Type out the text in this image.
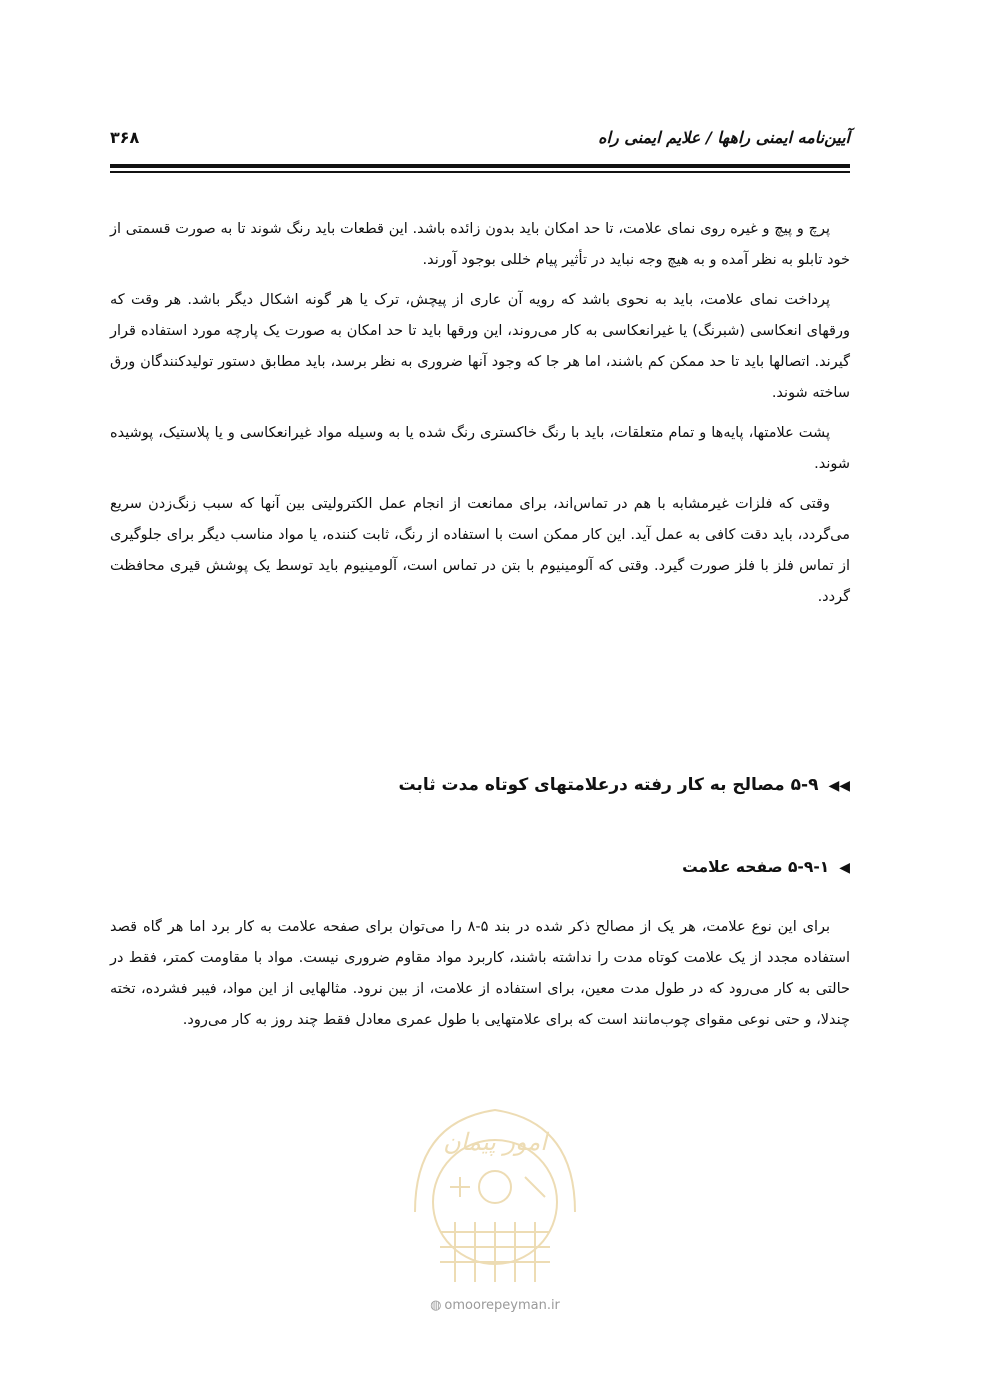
آیین‌نامه ایمنی راهها / علایم ایمنی راه
۳۶۸

پرچ و پیچ و غیره روی نمای علامت، تا حد امکان باید بدون زائده باشد. این قطعات باید رنگ شوند تا به صورت قسمتی از خود تابلو به نظر آمده و به هیچ وجه نباید در تأثیر پیام خللی بوجود آورند.

پرداخت نمای علامت، باید به نحوی باشد که رویه آن عاری از پیچش، ترک یا هر گونه اشکال دیگر باشد. هر وقت که ورقهای انعکاسی (شبرنگ) یا غیرانعکاسی به کار می‌روند، این ورقها باید تا حد امکان به صورت یک پارچه مورد استفاده قرار گیرند. اتصالها باید تا حد ممکن کم باشند، اما هر جا که وجود آنها ضروری به نظر برسد، باید مطابق دستور تولیدکنندگان ورق ساخته شوند.

پشت علامتها، پایه‌ها و تمام متعلقات، باید با رنگ خاکستری رنگ شده یا به وسیله مواد غیرانعکاسی و یا پلاستیک، پوشیده شوند.

وقتی که فلزات غیرمشابه با هم در تماس‌اند، برای ممانعت از انجام عمل الکترولیتی بین آنها که سبب زنگ‌زدن سریع می‌گردد، باید دقت کافی به عمل آید. این کار ممکن است با استفاده از رنگ، ثابت کننده، یا مواد مناسب دیگر برای جلوگیری از تماس فلز با فلز صورت گیرد. وقتی که آلومینیوم با بتن در تماس است، آلومینیوم باید توسط یک پوشش قیری محافظت گردد.

◀◀۵-۹ مصالح به کار رفته درعلامتهای کوتاه مدت ثابت
◀۵-۹-۱ صفحه علامت

برای این نوع علامت، هر یک از مصالح ذکر شده در بند ۵-۸ را می‌توان برای صفحه علامت به کار برد اما هر گاه قصد استفاده مجدد از یک علامت کوتاه مدت را نداشته باشند، کاربرد مواد مقاوم ضروری نیست. مواد با مقاومت کمتر، فقط در حالتی به کار می‌رود که در طول مدت معین، برای استفاده از علامت، از بین نرود. مثالهایی از این مواد، فیبر فشرده، تخته چندلا، و حتی نوعی مقوای چوب‌مانند است که برای علامتهایی با طول عمری معادل فقط چند روز به کار می‌رود.

امور پیمان
◍ omoorepeyman.ir
